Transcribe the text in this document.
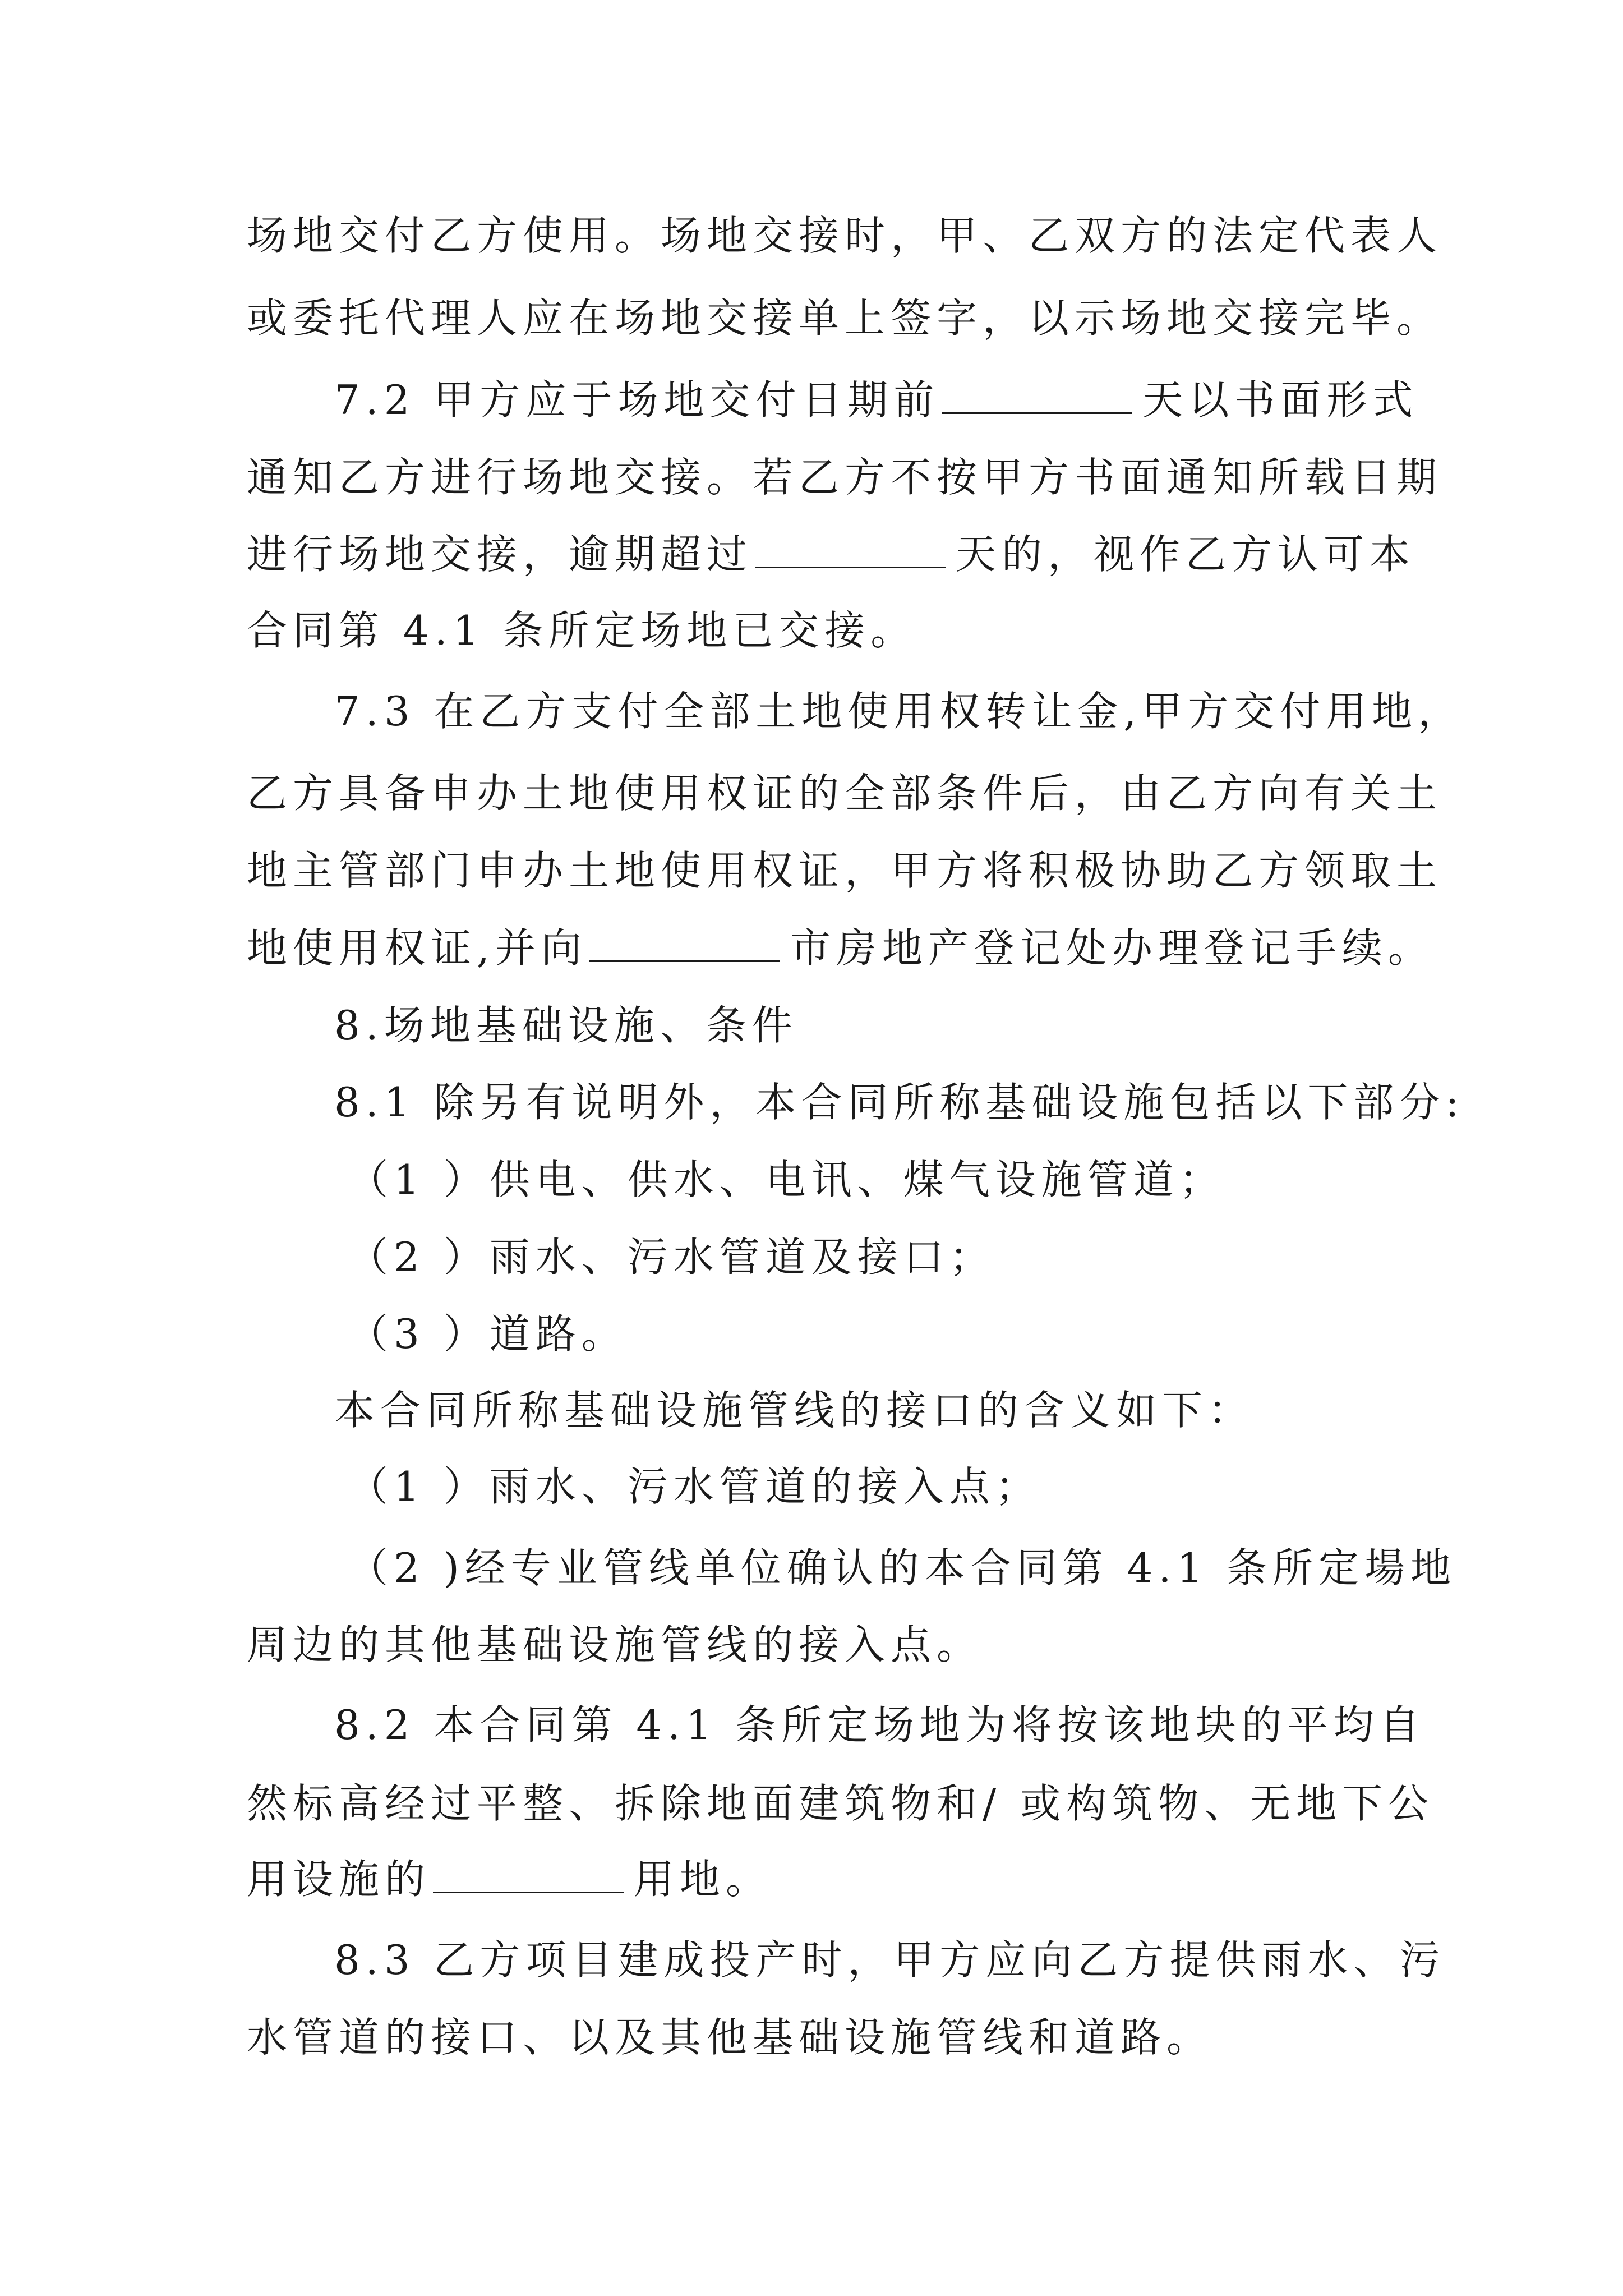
场地交付乙方使用。场地交接时，甲、乙双方的法定代表人
或委托代理人应在场地交接单上签字，以示场地交接完毕。
7.2 甲方应于场地交付日期前	天以书面形式
通知乙方进行场地交接。若乙方不按甲方书面通知所载日期
进行场地交接，逾期超过	天的，视作乙方认可本
合同第 4.1 条所定场地已交接。
7.3 在乙方支付全部土地使用权转让金,甲方交付用地，
乙方具备申办土地使用权证的全部条件后，由乙方向有关土
地主管部门申办土地使用权证，甲方将积极协助乙方领取土
地使用权证,并向	市房地产登记处办理登记手续。
8.场地基础设施、条件
8.1 除另有说明外，本合同所称基础设施包括以下部分:
（1 ）供电、供水、电讯、煤气设施管道；
（2 ）雨水、污水管道及接口；
（3 ）道路。
本合同所称基础设施管线的接口的含义如下：
（1 ）雨水、污水管道的接入点；
（2 )经专业管线单位确认的本合同第 4.1 条所定場地
周边的其他基础设施管线的接入点。
8.2 本合同第 4.1 条所定场地为将按该地块的平均自
然标高经过平整、拆除地面建筑物和/ 或构筑物、无地下公
用设施的	用地。
8.3 乙方项目建成投产时，甲方应向乙方提供雨水、污
水管道的接口、以及其他基础设施管线和道路。
